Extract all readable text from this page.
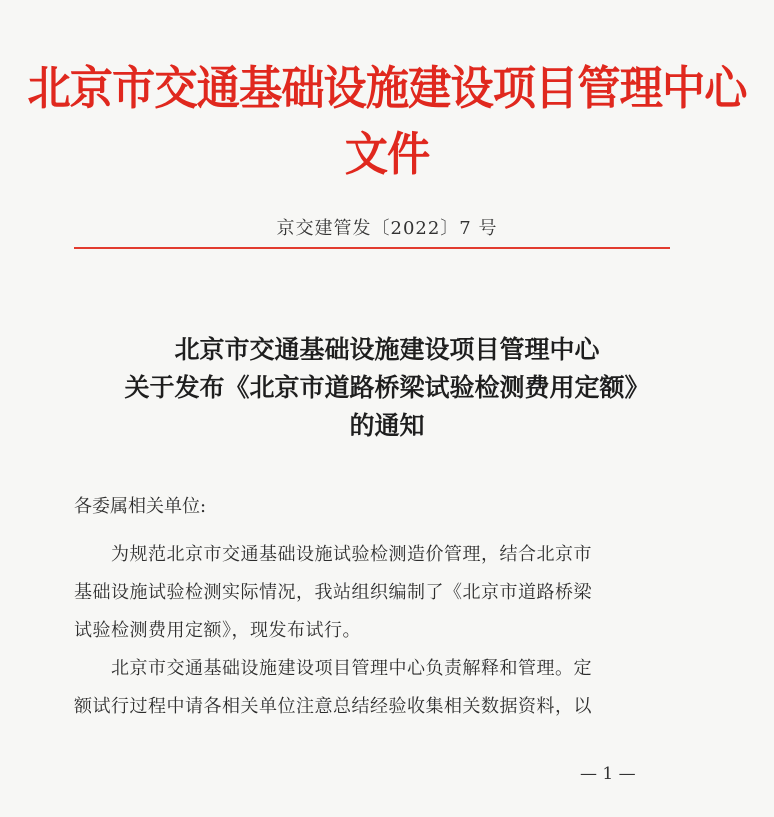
北京市交通基础设施建设项目管理中心文件
京交建管发〔2022〕7 号
北京市交通基础设施建设项目管理中心
关于发布《北京市道路桥梁试验检测费用定额》
的通知
各委属相关单位:
　　为规范北京市交通基础设施试验检测造价管理，结合北京市
基础设施试验检测实际情况，我站组织编制了《北京市道路桥梁
试验检测费用定额》，现发布试行。
　　北京市交通基础设施建设项目管理中心负责解释和管理。定
额试行过程中请各相关单位注意总结经验收集相关数据资料，以
— 1 —
